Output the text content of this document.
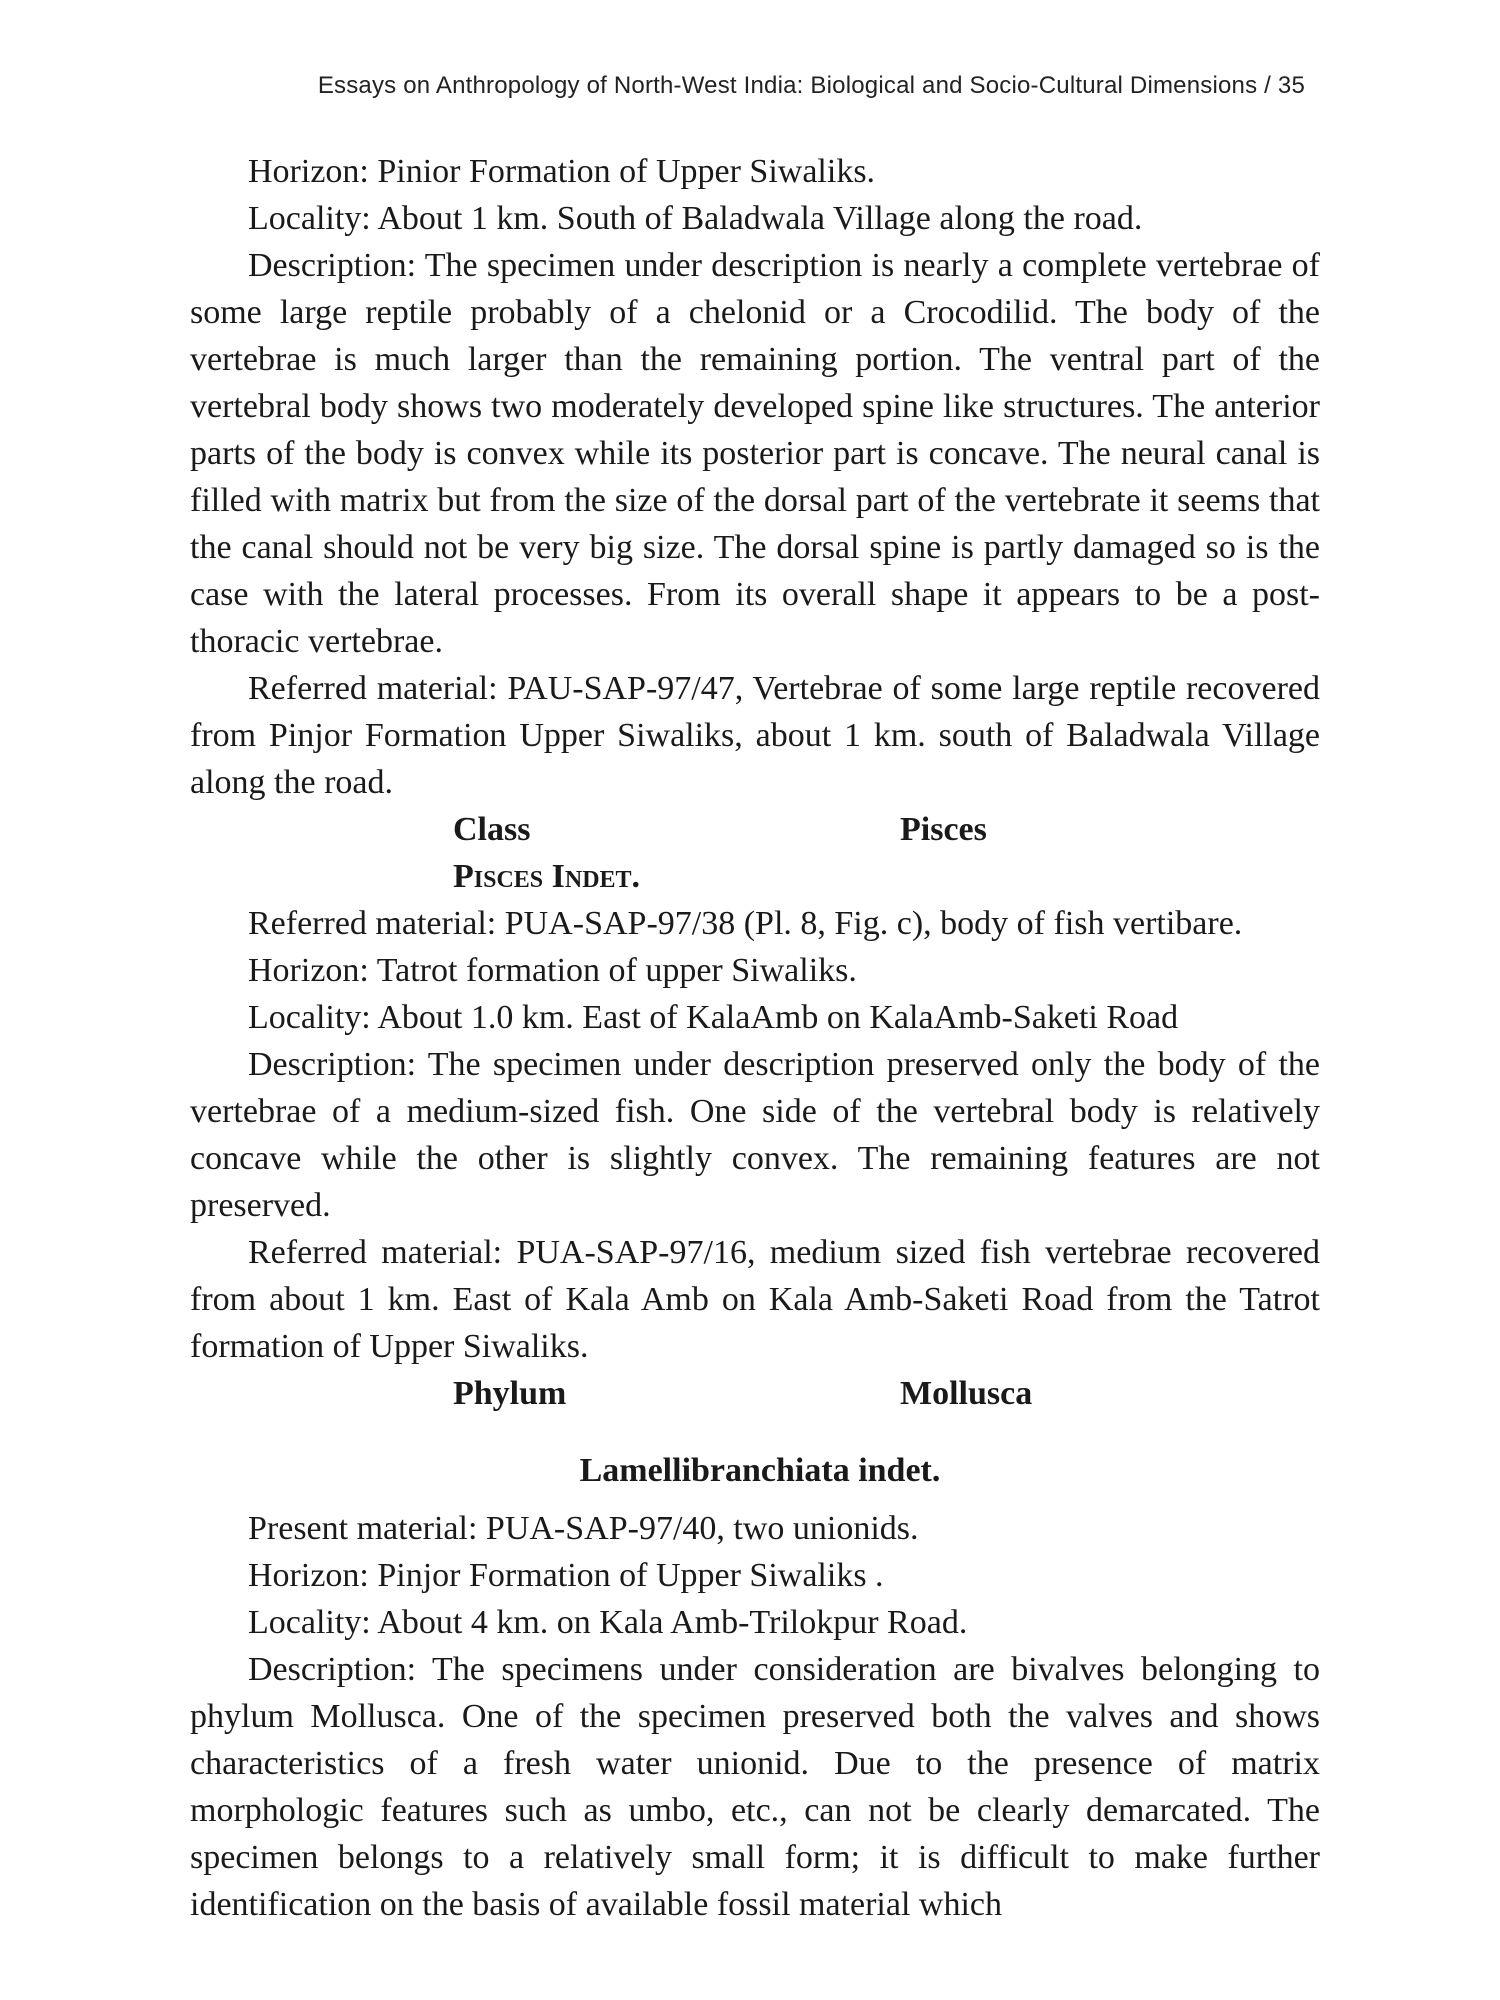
Essays on Anthropology of North-West India: Biological and Socio-Cultural Dimensions / 35

Horizon: Pinior Formation of Upper Siwaliks.

Locality: About 1 km. South of Baladwala Village along the road.

Description: The specimen under description is nearly a complete vertebrae of some large reptile probably of a chelonid or a Crocodilid. The body of the vertebrae is much larger than the remaining portion. The ventral part of the vertebral body shows two moderately developed spine like structures. The anterior parts of the body is convex while its posterior part is concave. The neural canal is filled with matrix but from the size of the dorsal part of the vertebrate it seems that the canal should not be very big size. The dorsal spine is partly damaged so is the case with the lateral processes. From its overall shape it appears to be a post-thoracic vertebrae.

Referred material: PAU-SAP-97/47, Vertebrae of some large reptile recovered from Pinjor Formation Upper Siwaliks, about 1 km. south of Baladwala Village along the road.

Class	Pisces

Pisces Indet.

Referred material: PUA-SAP-97/38 (Pl. 8, Fig. c), body of fish vertibare.

Horizon: Tatrot formation of upper Siwaliks.

Locality: About 1.0 km. East of KalaAmb on KalaAmb-Saketi Road

Description: The specimen under description preserved only the body of the vertebrae of a medium-sized fish. One side of the vertebral body is relatively concave while the other is slightly convex. The remaining features are not preserved.

Referred material: PUA-SAP-97/16, medium sized fish vertebrae recovered from about 1 km. East of Kala Amb on Kala Amb-Saketi Road from the Tatrot formation of Upper Siwaliks.

Phylum	Mollusca

Lamellibranchiata indet.

Present material: PUA-SAP-97/40, two unionids.

Horizon: Pinjor Formation of Upper Siwaliks .

Locality: About 4 km. on Kala Amb-Trilokpur Road.

Description: The specimens under consideration are bivalves belonging to phylum Mollusca. One of the specimen preserved both the valves and shows characteristics of a fresh water unionid. Due to the presence of matrix morphologic features such as umbo, etc., can not be clearly demarcated. The specimen belongs to a relatively small form; it is difficult to make further identification on the basis of available fossil material which
